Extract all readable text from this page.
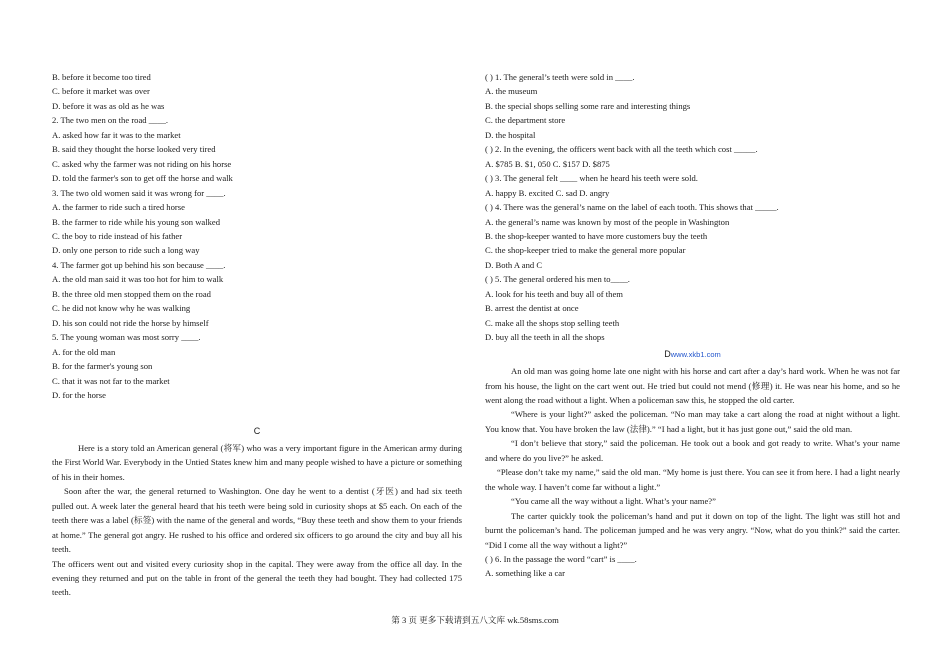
B. before it become too tired
C. before it market was over
D. before it was as old as he was
2. The two men on the road ____.
A. asked how far it was to the market
B. said they thought the horse looked very tired
C. asked why the farmer was not riding on his horse
D. told the farmer's son to get off the horse and walk
3. The two old women said it was wrong for ____.
A. the farmer to ride such a tired horse
B. the farmer to ride while his young son walked
C. the boy to ride instead of his father
D. only one person to ride such a long way
4. The farmer got up behind his son because ____.
A. the old man said it was too hot for him to walk
B. the three old men stopped them on the road
C. he did not know why he was walking
D. his son could not ride the horse by himself
5. The young woman was most sorry ____.
A. for the old man
B. for the farmer's young son
C. that it was not far to the market
D. for the horse
C

Here is a story told an American general (将军) who was a very important figure in the American army during the First World War. Everybody in the Untied States knew him and many people wished to have a picture or something of his in their homes.

Soon after the war, the general returned to Washington. One day he went to a dentist (牙医) and had six teeth pulled out. A week later the general heard that his teeth were being sold in curiosity shops at $5 each. On each of the teeth there was a label (标签) with the name of the general and words, “Buy these teeth and show them to your friends at home.” The general got angry. He rushed to his office and ordered six officers to go around the city and buy all his teeth.

The officers went out and visited every curiosity shop in the capital. They were away from the office all day. In the evening they returned and put on the table in front of the general the teeth they had bought. They had collected 175 teeth.

( ) 1. The general’s teeth were sold in ____.
A. the museum
B. the special shops selling some rare and interesting things
C. the department store
D. the hospital
( ) 2. In the evening, the officers went back with all the teeth which cost _____.
A. $785 B. $1, 050 C. $157 D. $875
( ) 3. The general felt ____ when he heard his teeth were sold.
A. happy B. excited C. sad D. angry
( ) 4. There was the general’s name on the label of each tooth. This shows that _____.
A. the general’s name was known by most of the people in Washington
B. the shop-keeper wanted to have more customers buy the teeth
C. the shop-keeper tried to make the general more popular
D. Both A and C
( ) 5. The general ordered his men to____.
A. look for his teeth and buy all of them
B. arrest the dentist at once
C. make all the shops stop selling teeth
D. buy all the teeth in all the shops
Dwww.xkb1.com

An old man was going home late one night with his horse and cart after a day’s hard work. When he was not far from his house, the light on the cart went out. He tried but could not mend (修理) it. He was near his home, and so he went along the road without a light. When a policeman saw this, he stopped the old carter.

“Where is your light?” asked the policeman. “No man may take a cart along the road at night without a light. You know that. You have broken the law (法律).” “I had a light, but it has just gone out,” said the old man.

“I don’t believe that story,” said the policeman. He took out a book and got ready to write. What’s your name and where do you live?” he asked.

“Please don’t take my name,” said the old man. “My home is just there. You can see it from here. I had a light nearly the whole way. I haven’t come far without a light.”

“You came all the way without a light. What’s your name?”

The carter quickly took the policeman’s hand and put it down on top of the light. The light was still hot and burnt the policeman’s hand. The policeman jumped and he was very angry. “Now, what do you think?” said the carter. “Did I come all the way without a light?”

( ) 6. In the passage the word “cart” is ____.
A. something like a car
第 3 页 更多下载请到五八文库 wk.58sms.com
